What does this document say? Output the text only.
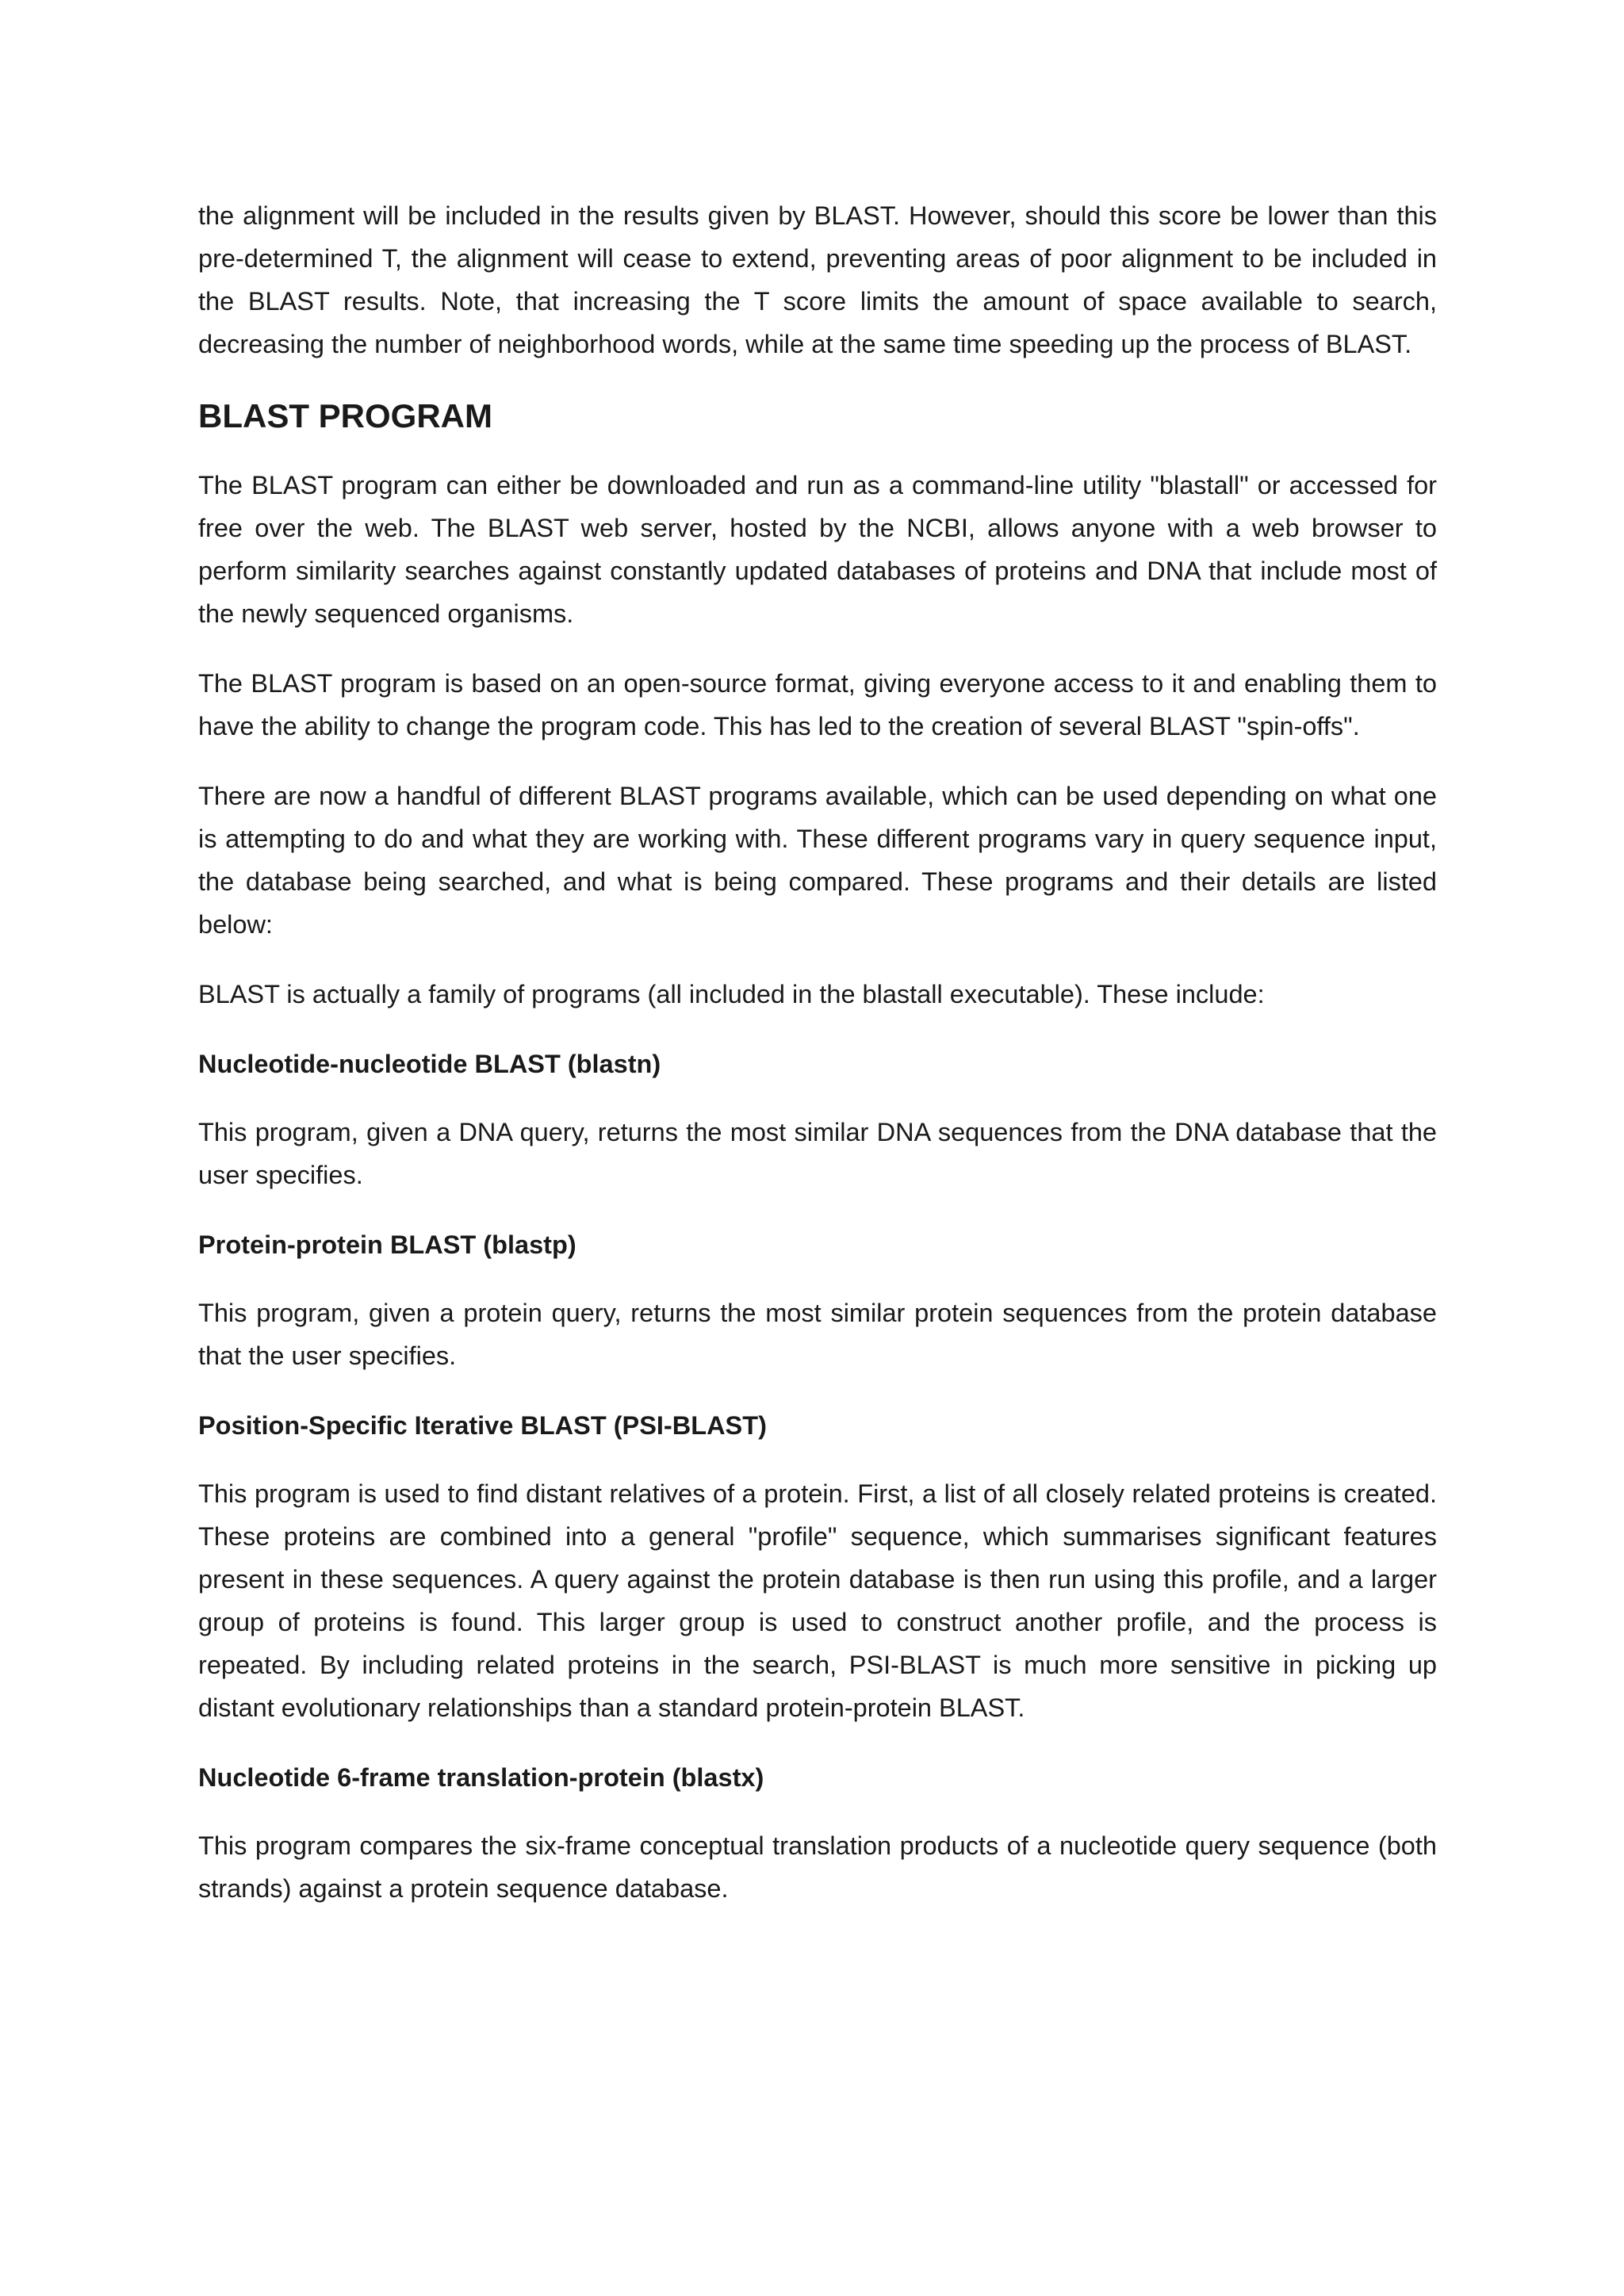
the alignment will be included in the results given by BLAST. However, should this score be lower than this pre-determined T, the alignment will cease to extend, preventing areas of poor alignment to be included in the BLAST results. Note, that increasing the T score limits the amount of space available to search, decreasing the number of neighborhood words, while at the same time speeding up the process of BLAST.

BLAST PROGRAM

The BLAST program can either be downloaded and run as a command-line utility "blastall" or accessed for free over the web. The BLAST web server, hosted by the NCBI, allows anyone with a web browser to perform similarity searches against constantly updated databases of proteins and DNA that include most of the newly sequenced organisms.

The BLAST program is based on an open-source format, giving everyone access to it and enabling them to have the ability to change the program code. This has led to the creation of several BLAST "spin-offs".

There are now a handful of different BLAST programs available, which can be used depending on what one is attempting to do and what they are working with. These different programs vary in query sequence input, the database being searched, and what is being compared. These programs and their details are listed below:

BLAST is actually a family of programs (all included in the blastall executable). These include:

Nucleotide-nucleotide BLAST (blastn)

This program, given a DNA query, returns the most similar DNA sequences from the DNA database that the user specifies.

Protein-protein BLAST (blastp)

This program, given a protein query, returns the most similar protein sequences from the protein database that the user specifies.

Position-Specific Iterative BLAST (PSI-BLAST)

This program is used to find distant relatives of a protein. First, a list of all closely related proteins is created. These proteins are combined into a general "profile" sequence, which summarises significant features present in these sequences. A query against the protein database is then run using this profile, and a larger group of proteins is found. This larger group is used to construct another profile, and the process is repeated. By including related proteins in the search, PSI-BLAST is much more sensitive in picking up distant evolutionary relationships than a standard protein-protein BLAST.

Nucleotide 6-frame translation-protein (blastx)

This program compares the six-frame conceptual translation products of a nucleotide query sequence (both strands) against a protein sequence database.
